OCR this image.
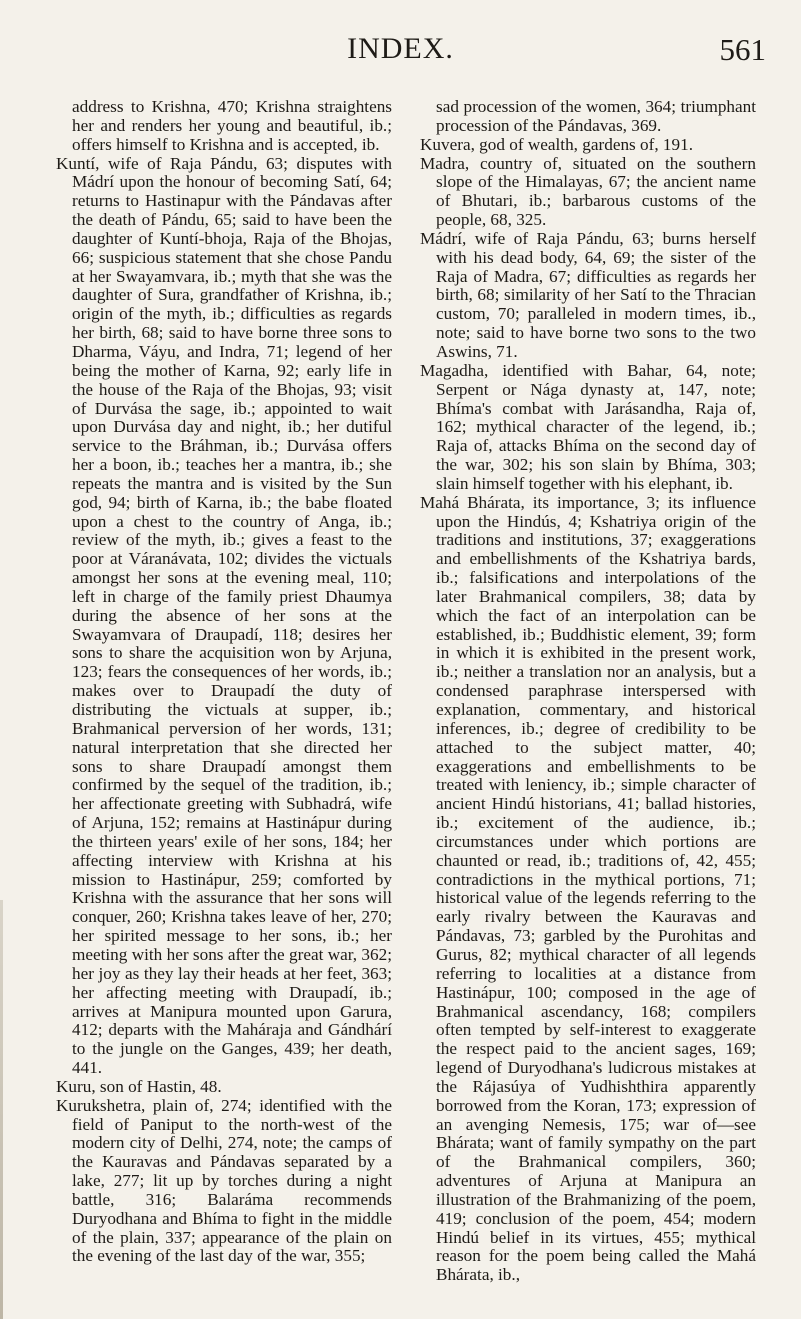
INDEX.	561

address to Krishna, 470; Krishna straightens her and renders her young and beautiful, ib.; offers himself to Krishna and is accepted, ib.

Kuntí, wife of Raja Pándu, 63; disputes with Mádrí upon the honour of becoming Satí, 64; returns to Hastinapur with the Pándavas after the death of Pándu, 65; said to have been the daughter of Kuntí-bhoja, Raja of the Bhojas, 66; suspicious statement that she chose Pandu at her Swayamvara, ib.; myth that she was the daughter of Sura, grandfather of Krishna, ib.; origin of the myth, ib.; difficulties as regards her birth, 68; said to have borne three sons to Dharma, Váyu, and Indra, 71; legend of her being the mother of Karna, 92; early life in the house of the Raja of the Bhojas, 93; visit of Durvása the sage, ib.; appointed to wait upon Durvása day and night, ib.; her dutiful service to the Bráhman, ib.; Durvása offers her a boon, ib.; teaches her a mantra, ib.; she repeats the mantra and is visited by the Sun god, 94; birth of Karna, ib.; the babe floated upon a chest to the country of Anga, ib.; review of the myth, ib.; gives a feast to the poor at Váranávata, 102; divides the victuals amongst her sons at the evening meal, 110; left in charge of the family priest Dhaumya during the absence of her sons at the Swayamvara of Draupadí, 118; desires her sons to share the acquisition won by Arjuna, 123; fears the consequences of her words, ib.; makes over to Draupadí the duty of distributing the victuals at supper, ib.; Brahmanical perversion of her words, 131; natural interpretation that she directed her sons to share Draupadí amongst them confirmed by the sequel of the tradition, ib.; her affectionate greeting with Subhadrá, wife of Arjuna, 152; remains at Hastinápur during the thirteen years' exile of her sons, 184; her affecting interview with Krishna at his mission to Hastinápur, 259; comforted by Krishna with the assurance that her sons will conquer, 260; Krishna takes leave of her, 270; her spirited message to her sons, ib.; her meeting with her sons after the great war, 362; her joy as they lay their heads at her feet, 363; her affecting meeting with Draupadí, ib.; arrives at Manipura mounted upon Garura, 412; departs with the Maháraja and Gándhárí to the jungle on the Ganges, 439; her death, 441.

Kuru, son of Hastin, 48.

Kurukshetra, plain of, 274; identified with the field of Paniput to the north-west of the modern city of Delhi, 274, note; the camps of the Kauravas and Pándavas separated by a lake, 277; lit up by torches during a night battle, 316; Balaráma recommends Duryodhana and Bhíma to fight in the middle of the plain, 337; appearance of the plain on the evening of the last day of the war, 355;

sad procession of the women, 364; triumphant procession of the Pándavas, 369.

Kuvera, god of wealth, gardens of, 191.

Madra, country of, situated on the southern slope of the Himalayas, 67; the ancient name of Bhutari, ib.; barbarous customs of the people, 68, 325.

Mádrí, wife of Raja Pándu, 63; burns herself with his dead body, 64, 69; the sister of the Raja of Madra, 67; difficulties as regards her birth, 68; similarity of her Satí to the Thracian custom, 70; paralleled in modern times, ib., note; said to have borne two sons to the two Aswins, 71.

Magadha, identified with Bahar, 64, note; Serpent or Nága dynasty at, 147, note; Bhíma's combat with Jarásandha, Raja of, 162; mythical character of the legend, ib.; Raja of, attacks Bhíma on the second day of the war, 302; his son slain by Bhíma, 303; slain himself together with his elephant, ib.

Mahá Bhárata, its importance, 3; its influence upon the Hindús, 4; Kshatriya origin of the traditions and institutions, 37; exaggerations and embellishments of the Kshatriya bards, ib.; falsifications and interpolations of the later Brahmanical compilers, 38; data by which the fact of an interpolation can be established, ib.; Buddhistic element, 39; form in which it is exhibited in the present work, ib.; neither a translation nor an analysis, but a condensed paraphrase interspersed with explanation, commentary, and historical inferences, ib.; degree of credibility to be attached to the subject matter, 40; exaggerations and embellishments to be treated with leniency, ib.; simple character of ancient Hindú historians, 41; ballad histories, ib.; excitement of the audience, ib.; circumstances under which portions are chaunted or read, ib.; traditions of, 42, 455; contradictions in the mythical portions, 71; historical value of the legends referring to the early rivalry between the Kauravas and Pándavas, 73; garbled by the Purohitas and Gurus, 82; mythical character of all legends referring to localities at a distance from Hastinápur, 100; composed in the age of Brahmanical ascendancy, 168; compilers often tempted by self-interest to exaggerate the respect paid to the ancient sages, 169; legend of Duryodhana's ludicrous mistakes at the Rájasúya of Yudhishthira apparently borrowed from the Koran, 173; expression of an avenging Nemesis, 175; war of—see Bhárata; want of family sympathy on the part of the Brahmanical compilers, 360; adventures of Arjuna at Manipura an illustration of the Brahmanizing of the poem, 419; conclusion of the poem, 454; modern Hindú belief in its virtues, 455; mythical reason for the poem being called the Mahá Bhárata, ib.,
